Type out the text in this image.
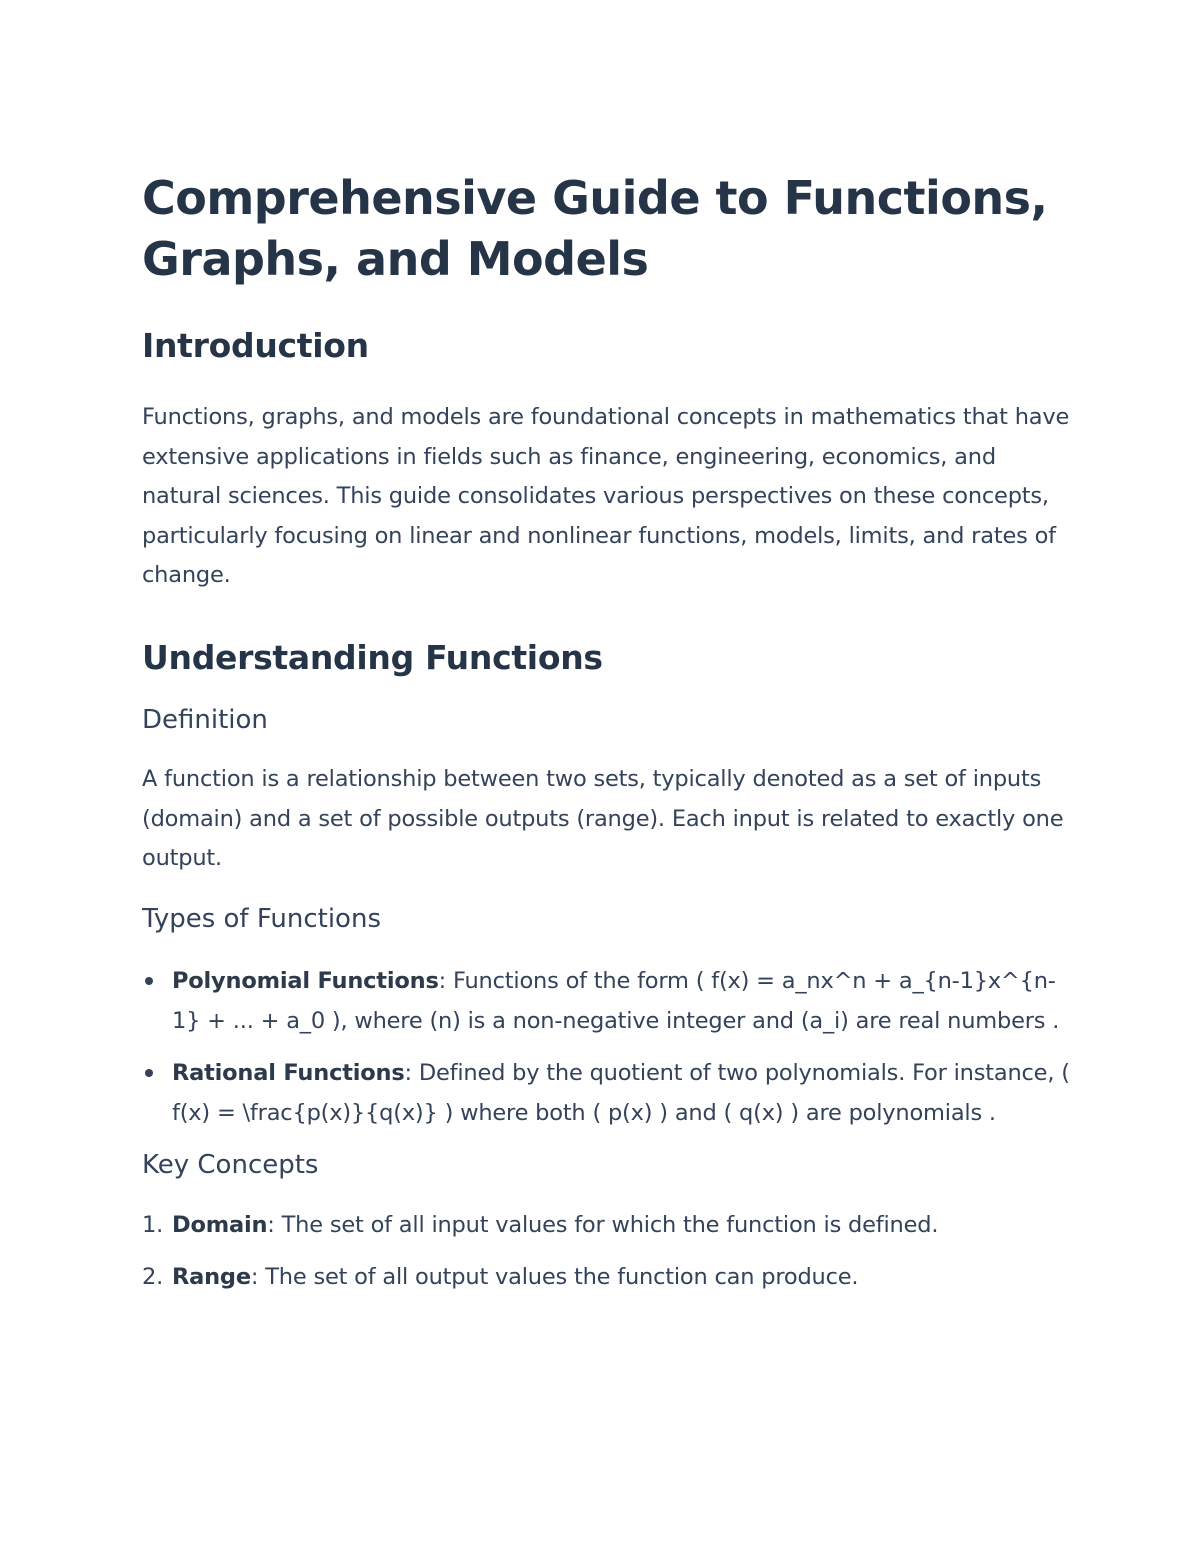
Comprehensive Guide to Functions, Graphs, and Models
Introduction

Functions, graphs, and models are foundational concepts in mathematics that have extensive applications in fields such as finance, engineering, economics, and natural sciences. This guide consolidates various perspectives on these concepts, particularly focusing on linear and nonlinear functions, models, limits, and rates of change.

Understanding Functions
Definition

A function is a relationship between two sets, typically denoted as a set of inputs (domain) and a set of possible outputs (range). Each input is related to exactly one output.

Types of Functions
Polynomial Functions: Functions of the form ( f(x) = a_nx^n + a_{n-1}x^{n-1} + ... + a_0 ), where (n) is a non-negative integer and (a_i) are real numbers .
Rational Functions: Defined by the quotient of two polynomials. For instance, ( f(x) = \frac{p(x)}{q(x)} ) where both ( p(x) ) and ( q(x) ) are polynomials .
Key Concepts
1. Domain: The set of all input values for which the function is defined.
2. Range: The set of all output values the function can produce.
